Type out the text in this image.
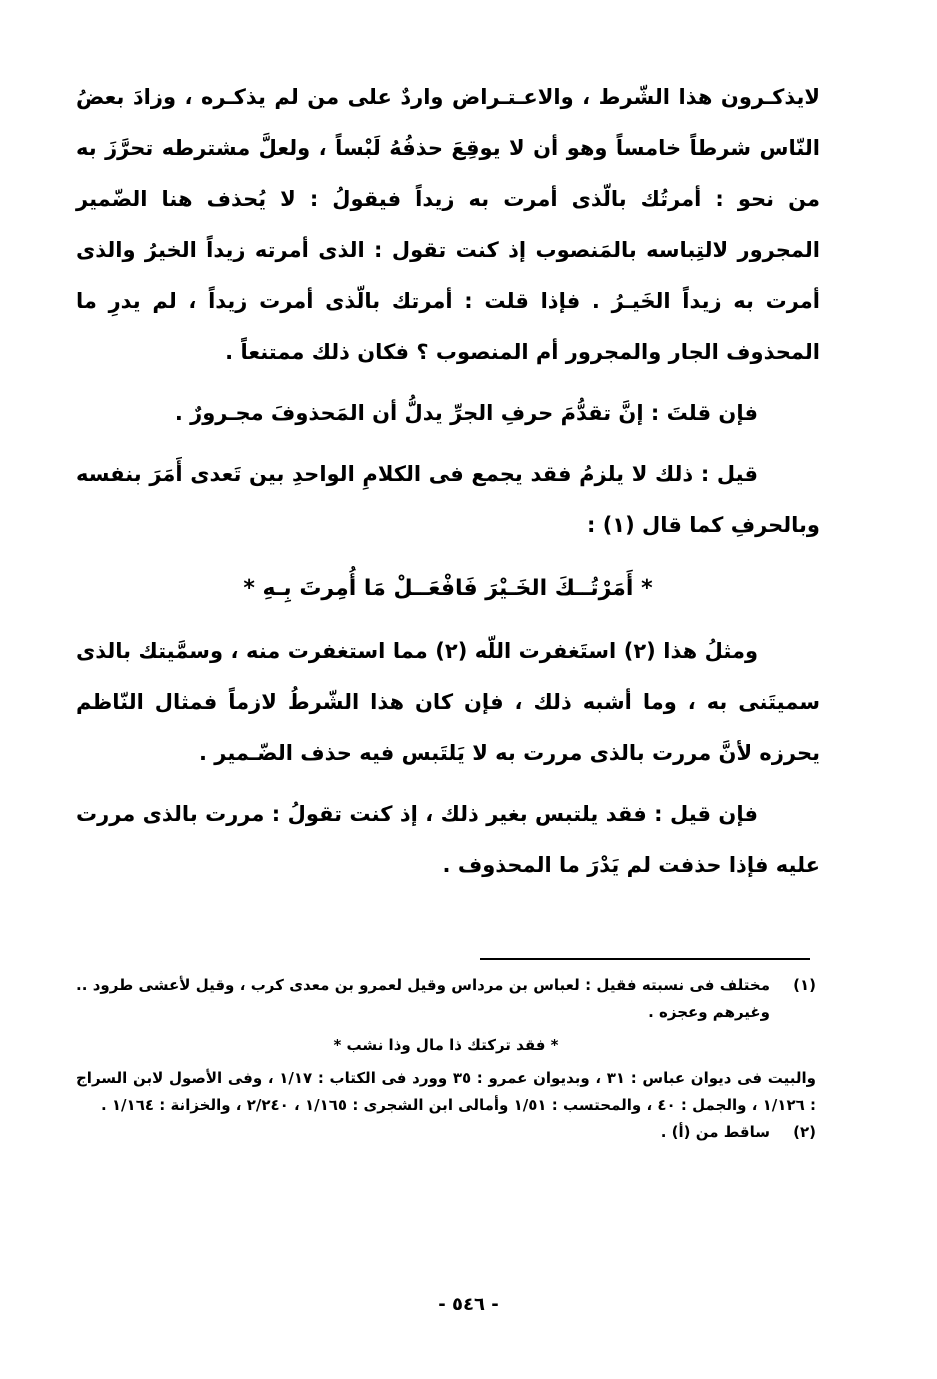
لايذكـرون هذا الشّرط ، والاعـتـراض واردٌ على من لم يذكـره ، وزادَ بعضُ النّاس شرطاً خامساً وهو أن لا يوقِعَ حذفُهُ لَبْساً ، ولعلَّ مشترطه تحرَّزَ به من نحو : أمرتُك بالّذى أمرت به زيداً فيقولُ : لا يُحذف هنا الضّمير المجرور لالتِباسه بالمَنصوب إذ كنت تقول : الذى أمرته زيداً الخيرُ والذى أمرت به زيداً الخَيـرُ . فإذا قلت : أمرتك بالّذى أمرت زيداً ، لم يدرِ ما المحذوف الجار والمجرور أم المنصوب ؟ فكان ذلك ممتنعاً .

فإن قلتَ : إنَّ تقدُّمَ حرفِ الجرِّ يدلُّ أن المَحذوفَ مجـرورٌ .

قيل : ذلك لا يلزمُ فقد يجمع فى الكلامِ الواحدِ بين تَعدى أَمَرَ بنفسه وبالحرفِ كما قال (١) :

* أَمَرْتُــكَ الخَـيْرَ فَافْعَــلْ مَا أُمِرتَ بِـهِ *

ومثلُ هذا (٢) استَغفرت اللّه (٢) مما استغفرت منه ، وسمَّيتك بالذى سميتَنى به ، وما أشبه ذلك ، فإن كان هذا الشّرطُ لازماً فمثال النّاظم يحرزه لأنَّ مررت بالذى مررت به لا يَلتَبس فيه حذف الضّـمير .

فإن قيل : فقد يلتبس بغير ذلك ، إذ كنت تقولُ : مررت بالذى مررت عليه فإذا حذفت لم يَدْرَ ما المحذوف .

(١)
مختلف فى نسبته فقيل : لعباس بن مرداس وقيل لعمرو بن معدى كرب ، وقيل لأعشى طرود .. وغيرهم وعجزه .
* فقد تركتك ذا مال وذا نشب *
والبيت فى ديوان عباس : ٣١ ، وبديوان عمرو : ٣٥ وورد فى الكتاب : ١/١٧ ، وفى الأصول لابن السراج : ١/١٢٦ ، والجمل : ٤٠ ، والمحتسب : ١/٥١ وأمالى ابن الشجرى : ١/١٦٥ ، ٢/٢٤٠ ، والخزانة : ١/١٦٤ .
(٢)
ساقط من (أ) .
- ٥٤٦ -
